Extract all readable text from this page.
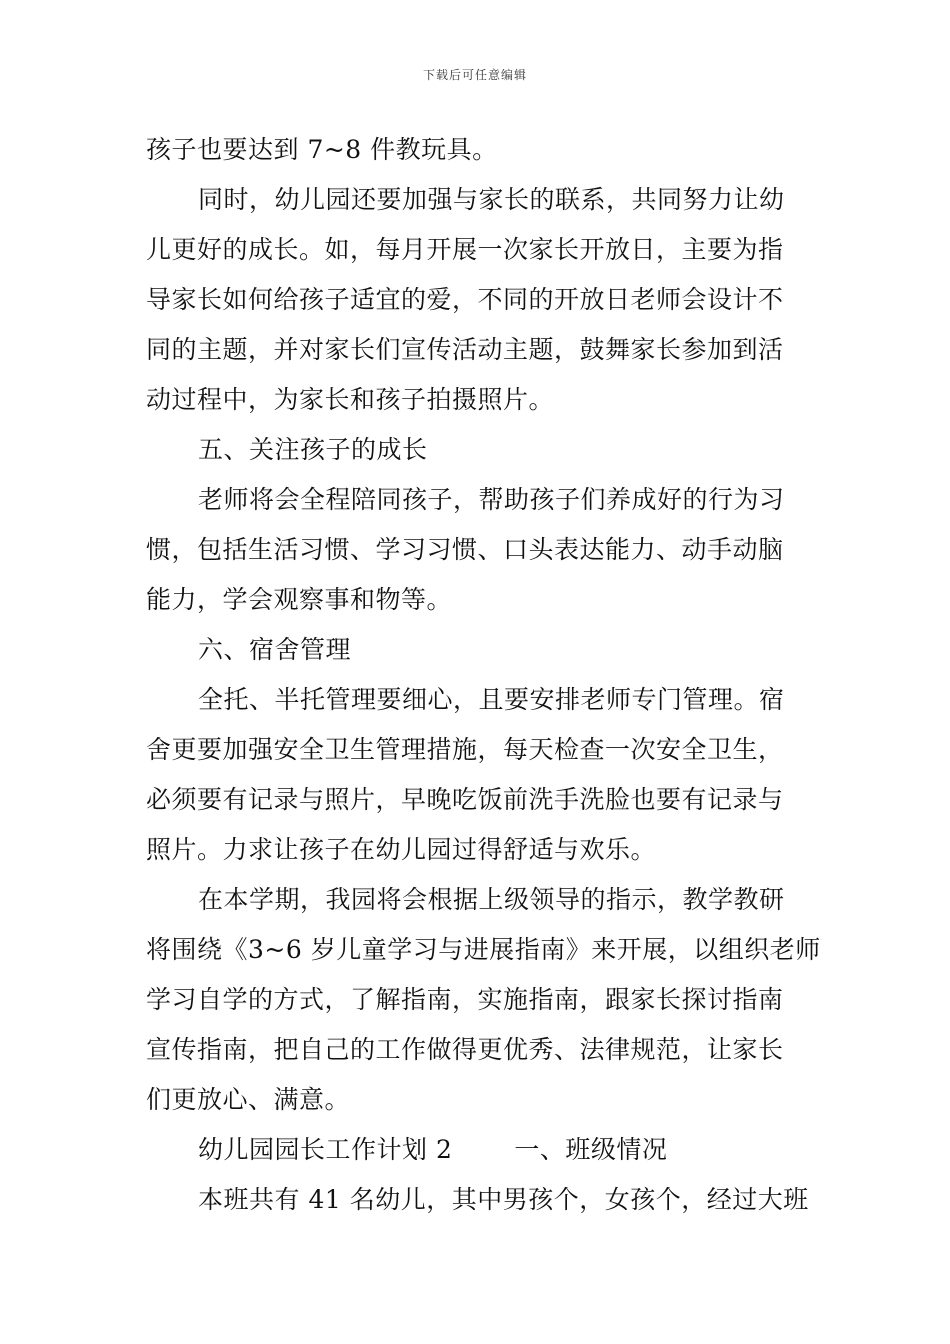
下载后可任意编辑
孩子也要达到 7~8 件教玩具。
同时，幼儿园还要加强与家长的联系，共同努力让幼
儿更好的成长。如，每月开展一次家长开放日，主要为指
导家长如何给孩子适宜的爱，不同的开放日老师会设计不
同的主题，并对家长们宣传活动主题，鼓舞家长参加到活
动过程中，为家长和孩子拍摄照片。
五、关注孩子的成长
老师将会全程陪同孩子，帮助孩子们养成好的行为习
惯，包括生活习惯、学习习惯、口头表达能力、动手动脑
能力，学会观察事和物等。
六、宿舍管理
全托、半托管理要细心，且要安排老师专门管理。宿
舍更要加强安全卫生管理措施，每天检查一次安全卫生，
必须要有记录与照片，早晚吃饭前洗手洗脸也要有记录与
照片。力求让孩子在幼儿园过得舒适与欢乐。
在本学期，我园将会根据上级领导的指示，教学教研
将围绕《3~6 岁儿童学习与进展指南》来开展，以组织老师
学习自学的方式，了解指南，实施指南，跟家长探讨指南
宣传指南，把自己的工作做得更优秀、法律规范，让家长
们更放心、满意。
幼儿园园长工作计划 2 一、班级情况
本班共有 41 名幼儿，其中男孩个，女孩个，经过大班
